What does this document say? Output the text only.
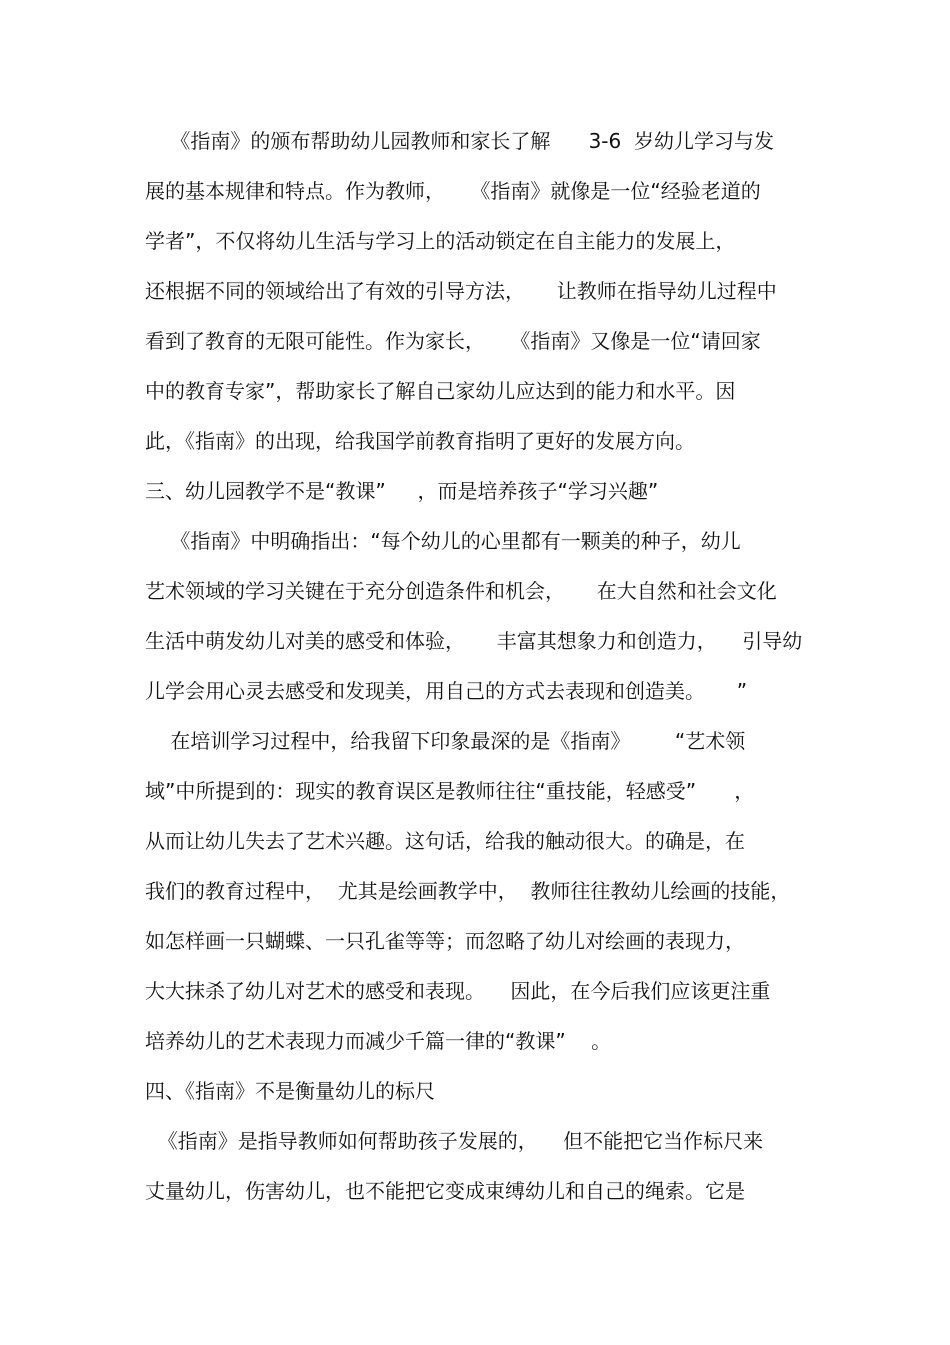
《指南》的颁布帮助幼儿园教师和家长了解      3-6  岁幼儿学习与发
展的基本规律和特点。作为教师，    《指南》就像是一位“经验老道的
学者”，不仅将幼儿生活与学习上的活动锁定在自主能力的发展上，
还根据不同的领域给出了有效的引导方法，     让教师在指导幼儿过程中
看到了教育的无限可能性。作为家长，    《指南》又像是一位“请回家
中的教育专家”，帮助家长了解自己家幼儿应达到的能力和水平。因
此，《指南》的出现，给我国学前教育指明了更好的发展方向。
三、幼儿园教学不是“教课”     ，而是培养孩子“学习兴趣”
《指南》中明确指出：“每个幼儿的心里都有一颗美的种子，幼儿
艺术领域的学习关键在于充分创造条件和机会，     在大自然和社会文化
生活中萌发幼儿对美的感受和体验，     丰富其想象力和创造力，    引导幼
儿学会用心灵去感受和发现美，用自己的方式去表现和创造美。     ”
在培训学习过程中，给我留下印象最深的是《指南》       “艺术领
域”中所提到的：现实的教育误区是教师往往“重技能，轻感受”      ，
从而让幼儿失去了艺术兴趣。这句话，给我的触动很大。的确是，在
我们的教育过程中，  尤其是绘画教学中，  教师往往教幼儿绘画的技能，
如怎样画一只蝴蝶、一只孔雀等等；而忽略了幼儿对绘画的表现力，
大大抹杀了幼儿对艺术的感受和表现。    因此，在今后我们应该更注重
培养幼儿的艺术表现力而减少千篇一律的“教课”    。
四、《指南》不是衡量幼儿的标尺
《指南》是指导教师如何帮助孩子发展的，    但不能把它当作标尺来
丈量幼儿，伤害幼儿，也不能把它变成束缚幼儿和自己的绳索。它是
